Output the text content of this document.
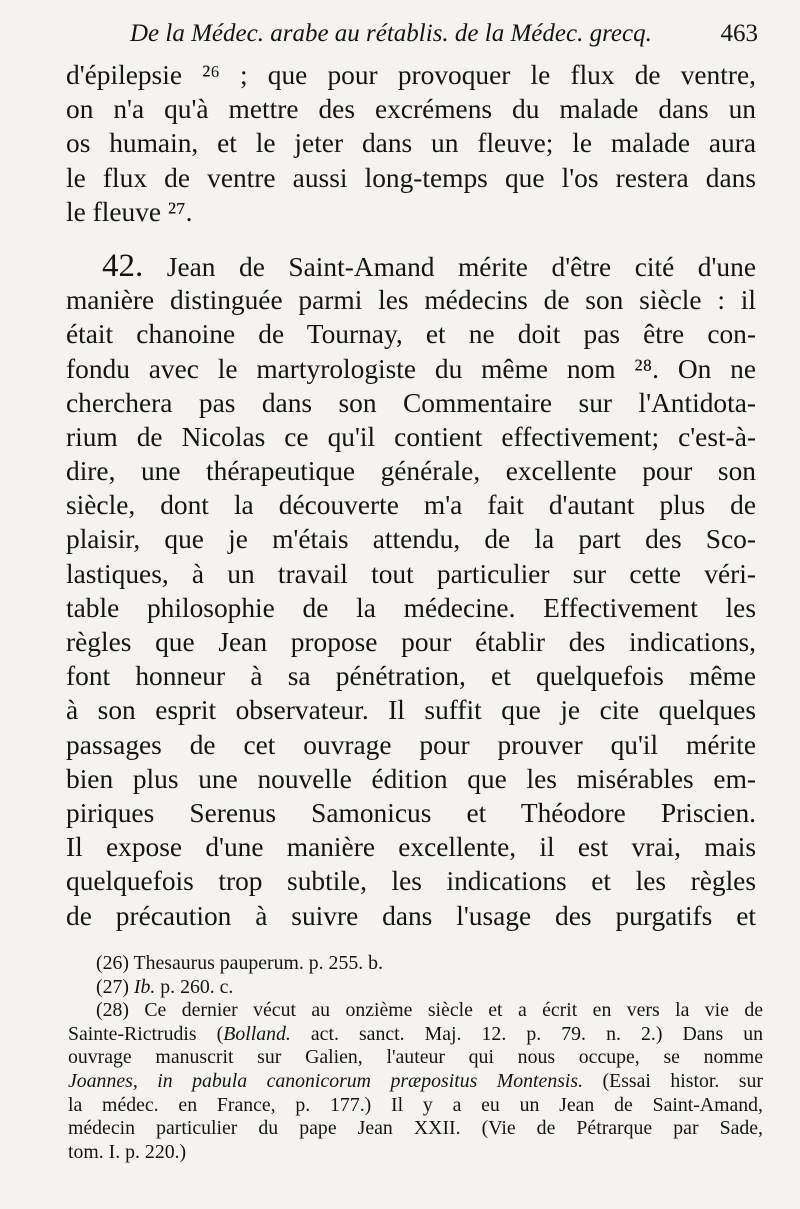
De la Médec. arabe au rétablis. de la Médec. grecq.	463
d'épilepsie ²⁶ ; que pour provoquer le flux de ventre,
on n'a qu'à mettre des excrémens du malade dans un
os humain, et le jeter dans un fleuve; le malade aura
le flux de ventre aussi long-temps que l'os restera dans
le fleuve ²⁷.
42. Jean de Saint-Amand mérite d'être cité d'une
manière distinguée parmi les médecins de son siècle : il
était chanoine de Tournay, et ne doit pas être con-
fondu avec le martyrologiste du même nom ²⁸. On ne
cherchera pas dans son Commentaire sur l'Antidota-
rium de Nicolas ce qu'il contient effectivement; c'est-à-
dire, une thérapeutique générale, excellente pour son
siècle, dont la découverte m'a fait d'autant plus de
plaisir, que je m'étais attendu, de la part des Sco-
lastiques, à un travail tout particulier sur cette véri-
table philosophie de la médecine. Effectivement les
règles que Jean propose pour établir des indications,
font honneur à sa pénétration, et quelquefois même
à son esprit observateur. Il suffit que je cite quelques
passages de cet ouvrage pour prouver qu'il mérite
bien plus une nouvelle édition que les misérables em-
piriques Serenus Samonicus et Théodore Priscien.
Il expose d'une manière excellente, il est vrai, mais
quelquefois trop subtile, les indications et les règles
de précaution à suivre dans l'usage des purgatifs et
(26) Thesaurus pauperum. p. 255. b.
(27) Ib. p. 260. c.
(28) Ce dernier vécut au onzième siècle et a écrit en vers la vie de
Sainte-Rictrudis (Bolland. act. sanct. Maj. 12. p. 79. n. 2.) Dans un
ouvrage manuscrit sur Galien, l'auteur qui nous occupe, se nomme
Joannes, in pabula canonicorum præpositus Montensis. (Essai histor. sur
la médec. en France, p. 177.) Il y a eu un Jean de Saint-Amand,
médecin particulier du pape Jean XXII. (Vie de Pétrarque par Sade,
tom. I. p. 220.)
